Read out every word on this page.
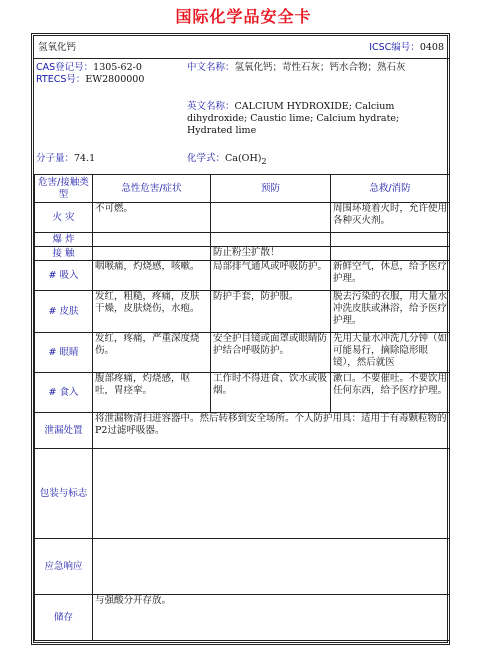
国际化学品安全卡
氢氧化钙	ICSC编号：0408
CAS登记号：1305-62-0
RTECS号：EW2800000
中文名称：氢氧化钙；苛性石灰；钙水合物；熟石灰
英文名称：CALCIUM HYDROXIDE; Calcium dihydroxide; Caustic lime; Calcium hydrate; Hydrated lime
分子量：74.1	化学式：$Ca(OH)_2$
危害/接触类型	急性危害/症状	预防	急救/消防
火 灾	不可燃。		周围环境着火时，允许使用各种灭火剂。
爆 炸			
接 触		防止粉尘扩散！	
# 吸入	咽喉痛，灼烧感，咳嗽。	局部排气通风或呼吸防护。	新鲜空气，休息，给予医疗护理。
# 皮肤	发红，粗糙，疼痛，皮肤干燥，皮肤烧伤，水疱。	防护手套，防护服。	脱去污染的衣服，用大量水冲洗皮肤或淋浴，给予医疗护理。
# 眼睛	发红，疼痛，严重深度烧伤。	安全护目镜或面罩或眼睛防护结合呼吸防护。	先用大量水冲洗几分钟（如可能易行，摘除隐形眼镜），然后就医
# 食入	腹部疼痛，灼烧感，呕吐，胃痉挛。	工作时不得进食、饮水或吸烟。	漱口。不要催吐。不要饮用任何东西，给予医疗护理。
泄漏处置	将泄漏物清扫进容器中。然后转移到安全场所。个人防护用具：适用于有毒颗粒物的P2过滤呼吸器。		
包装与标志			
应急响应			
储存	与强酸分开存放。		
